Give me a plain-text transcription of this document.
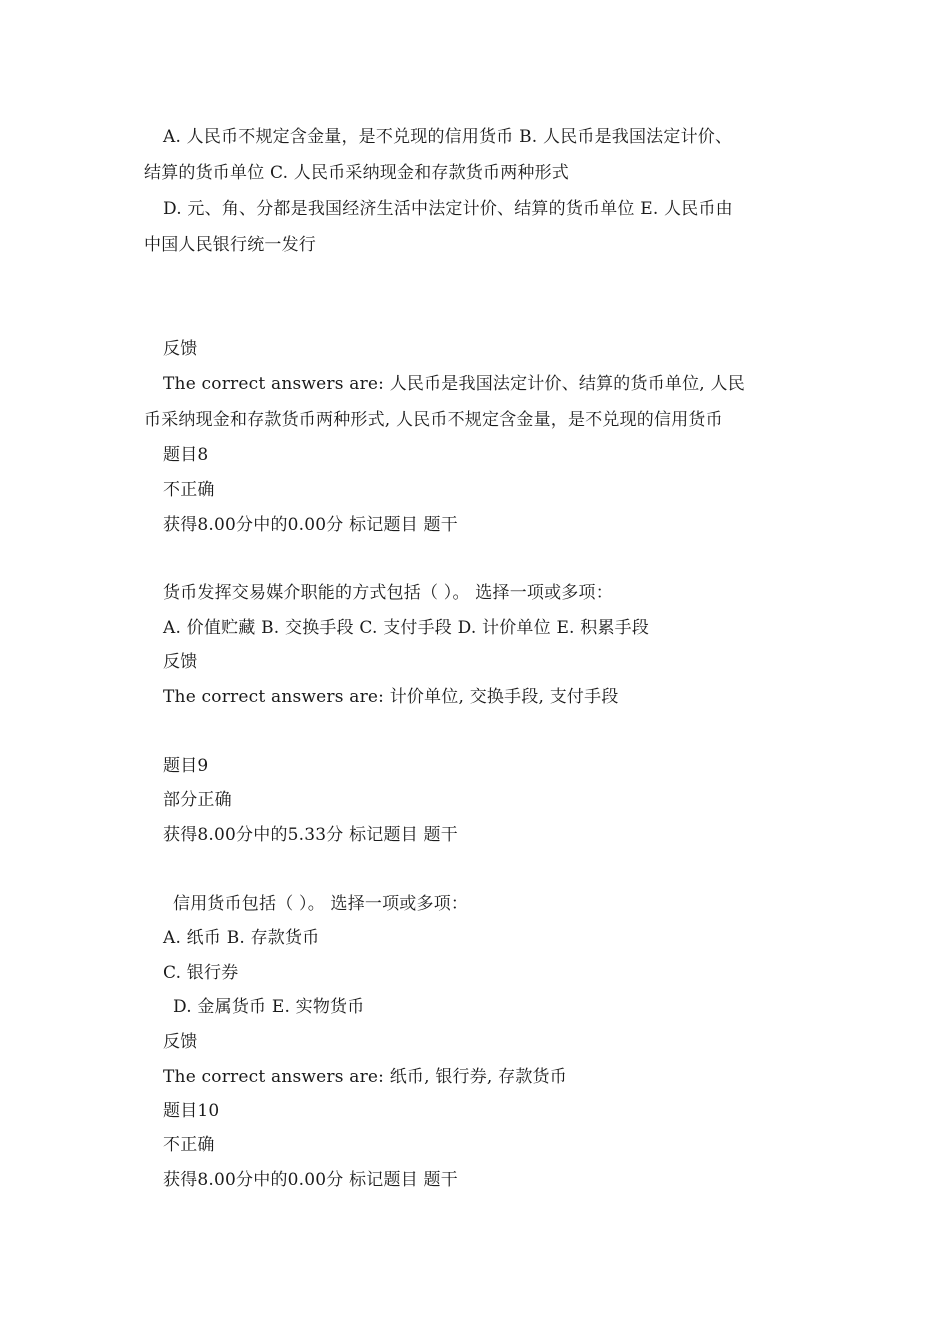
A. 人民币不规定含金量，是不兑现的信用货币 B. 人民币是我国法定计价、
结算的货币单位 C. 人民币采纳现金和存款货币两种形式
D. 元、角、分都是我国经济生活中法定计价、结算的货币单位 E. 人民币由
中国人民银行统一发行
反馈
The correct answers are: 人民币是我国法定计价、结算的货币单位, 人民
币采纳现金和存款货币两种形式, 人民币不规定含金量，是不兑现的信用货币
题目8
不正确
获得8.00分中的0.00分 标记题目 题干
货币发挥交易媒介职能的方式包括（ ）。 选择一项或多项：
A. 价值贮藏 B. 交换手段 C. 支付手段 D. 计价单位 E. 积累手段
反馈
The correct answers are: 计价单位, 交换手段, 支付手段
题目9
部分正确
获得8.00分中的5.33分 标记题目 题干
信用货币包括（ ）。 选择一项或多项：
A. 纸币 B. 存款货币
C. 银行券
D. 金属货币 E. 实物货币
反馈
The correct answers are: 纸币, 银行券, 存款货币
题目10
不正确
获得8.00分中的0.00分 标记题目 题干
